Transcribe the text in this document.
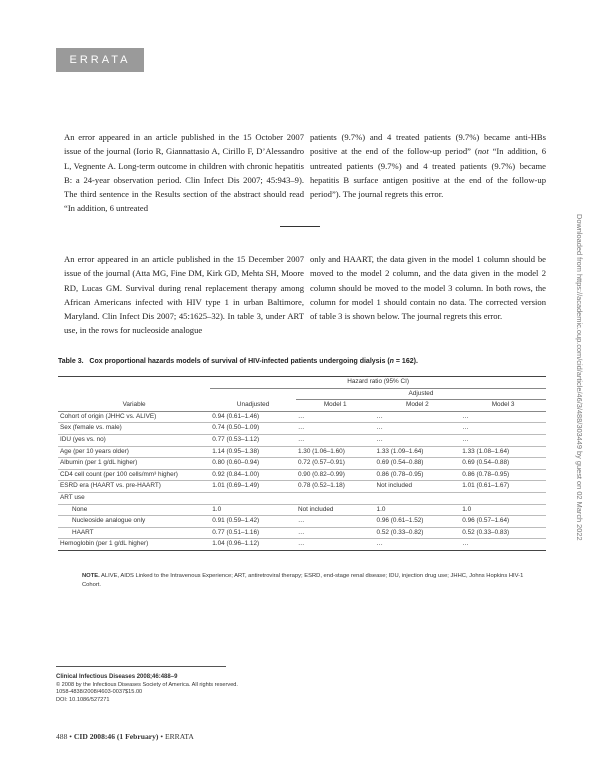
ERRATA

An error appeared in an article published in the 15 October 2007 issue of the journal (Iorio R, Giannattasio A, Cirillo F, D’Alessandro L, Vegnente A. Long-term outcome in children with chronic hepatitis B: a 24-year observation period. Clin Infect Dis 2007; 45:943–9). The third sentence in the Results section of the abstract should read “In addition, 6 untreated

patients (9.7%) and 4 treated patients (9.7%) became anti-HBs positive at the end of the follow-up period” (not “In addition, 6 untreated patients (9.7%) and 4 treated patients (9.7%) became hepatitis B surface antigen positive at the end of the follow-up period”). The journal regrets this error.

An error appeared in an article published in the 15 December 2007 issue of the journal (Atta MG, Fine DM, Kirk GD, Mehta SH, Moore RD, Lucas GM. Survival during renal replacement therapy among African Americans infected with HIV type 1 in urban Baltimore, Maryland. Clin Infect Dis 2007; 45:1625–32). In table 3, under ART use, in the rows for nucleoside analogue

only and HAART, the data given in the model 1 column should be moved to the model 2 column, and the data given in the model 2 column should be moved to the model 3 column. In both rows, the column for model 1 should contain no data. The corrected version of table 3 is shown below. The journal regrets this error.

Table 3. Cox proportional hazards models of survival of HIV-infected patients undergoing dialysis (n = 162).
	Hazard ratio (95% CI)			
		Adjusted		
Variable	Unadjusted	Model 1	Model 2	Model 3
Cohort of origin (JHHC vs. ALIVE)	0.94 (0.61–1.46)	…	…	…
Sex (female vs. male)	0.74 (0.50–1.09)	…	…	…
IDU (yes vs. no)	0.77 (0.53–1.12)	…	…	…
Age (per 10 years older)	1.14 (0.95–1.38)	1.30 (1.06–1.60)	1.33 (1.09–1.64)	1.33 (1.08–1.64)
Albumin (per 1 g/dL higher)	0.80 (0.60–0.94)	0.72 (0.57–0.91)	0.69 (0.54–0.88)	0.69 (0.54–0.88)
CD4 cell count (per 100 cells/mm³ higher)	0.92 (0.84–1.00)	0.90 (0.82–0.99)	0.86 (0.78–0.95)	0.86 (0.78–0.95)
ESRD era (HAART vs. pre-HAART)	1.01 (0.69–1.49)	0.78 (0.52–1.18)	Not included	1.01 (0.61–1.67)
ART use				
None	1.0	Not included	1.0	1.0
Nucleoside analogue only	0.91 (0.59–1.42)	…	0.96 (0.61–1.52)	0.96 (0.57–1.64)
HAART	0.77 (0.51–1.16)	…	0.52 (0.33–0.82)	0.52 (0.33–0.83)
Hemoglobin (per 1 g/dL higher)	1.04 (0.96–1.12)	…	…	…

NOTE. ALIVE, AIDS Linked to the Intravenous Experience; ART, antiretroviral therapy; ESRD, end-stage renal disease; IDU, injection drug use; JHHC, Johns Hopkins HIV-1 Cohort.

Clinical Infectious Diseases 2008;46:488–9
© 2008 by the Infectious Diseases Society of America. All rights reserved.
1058-4838/2008/4603-0037$15.00
DOI: 10.1086/527271
488 • CID 2008:46 (1 February) • ERRATA
Downloaded from https://academic.oup.com/cid/article/46/3/488/303449 by guest on 02 March 2022
